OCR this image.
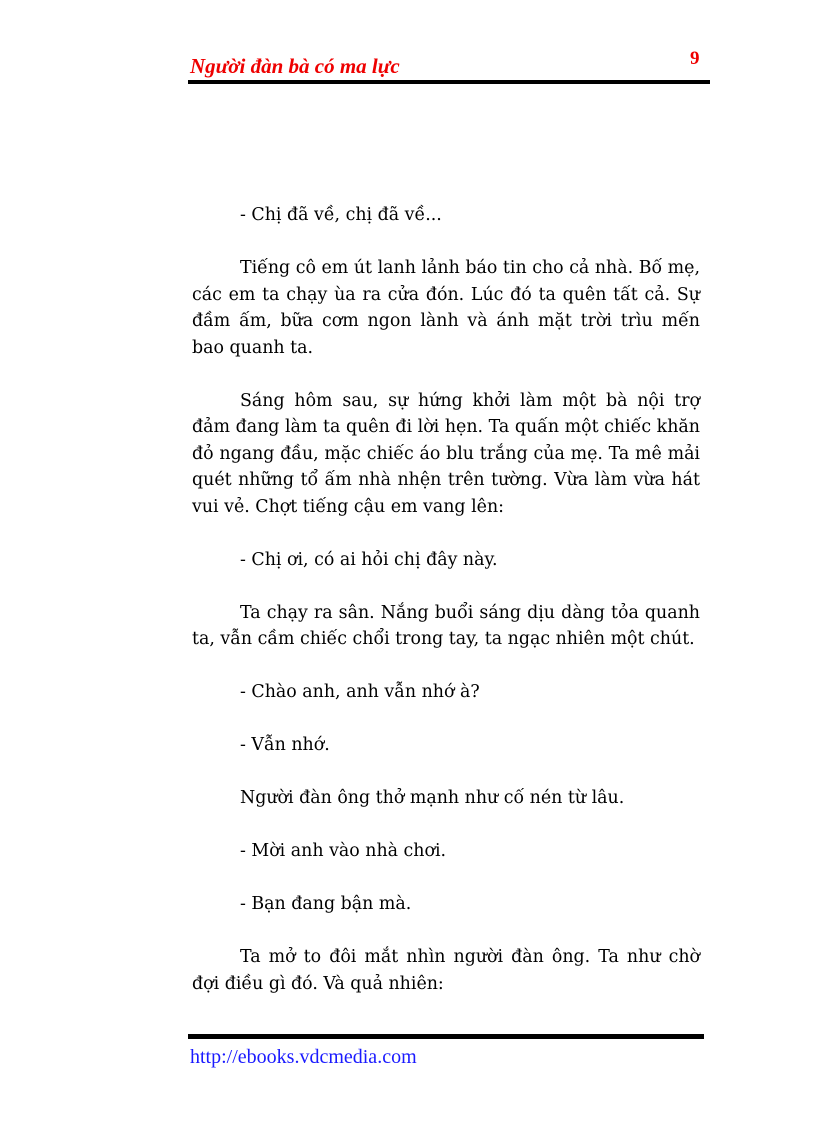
Người đàn bà có ma lực	9

- Chị đã về, chị đã về...

Tiếng cô em út lanh lảnh báo tin cho cả nhà. Bố mẹ, các em ta chạy ùa ra cửa đón. Lúc đó ta quên tất cả. Sự đầm ấm, bữa cơm ngon lành và ánh mặt trời trìu mến bao quanh ta.

Sáng hôm sau, sự hứng khởi làm một bà nội trợ đảm đang làm ta quên đi lời hẹn. Ta quấn một chiếc khăn đỏ ngang đầu, mặc chiếc áo blu trắng của mẹ. Ta mê mải quét những tổ ấm nhà nhện trên tường. Vừa làm vừa hát vui vẻ. Chợt tiếng cậu em vang lên:

- Chị ơi, có ai hỏi chị đây này.

Ta chạy ra sân. Nắng buổi sáng dịu dàng tỏa quanh ta, vẫn cầm chiếc chổi trong tay, ta ngạc nhiên một chút.

- Chào anh, anh vẫn nhớ à?

- Vẫn nhớ.

Người đàn ông thở mạnh như cố nén từ lâu.

- Mời anh vào nhà chơi.

- Bạn đang bận mà.

Ta mở to đôi mắt nhìn người đàn ông. Ta như chờ đợi điều gì đó. Và quả nhiên:

http://ebooks.vdcmedia.com
